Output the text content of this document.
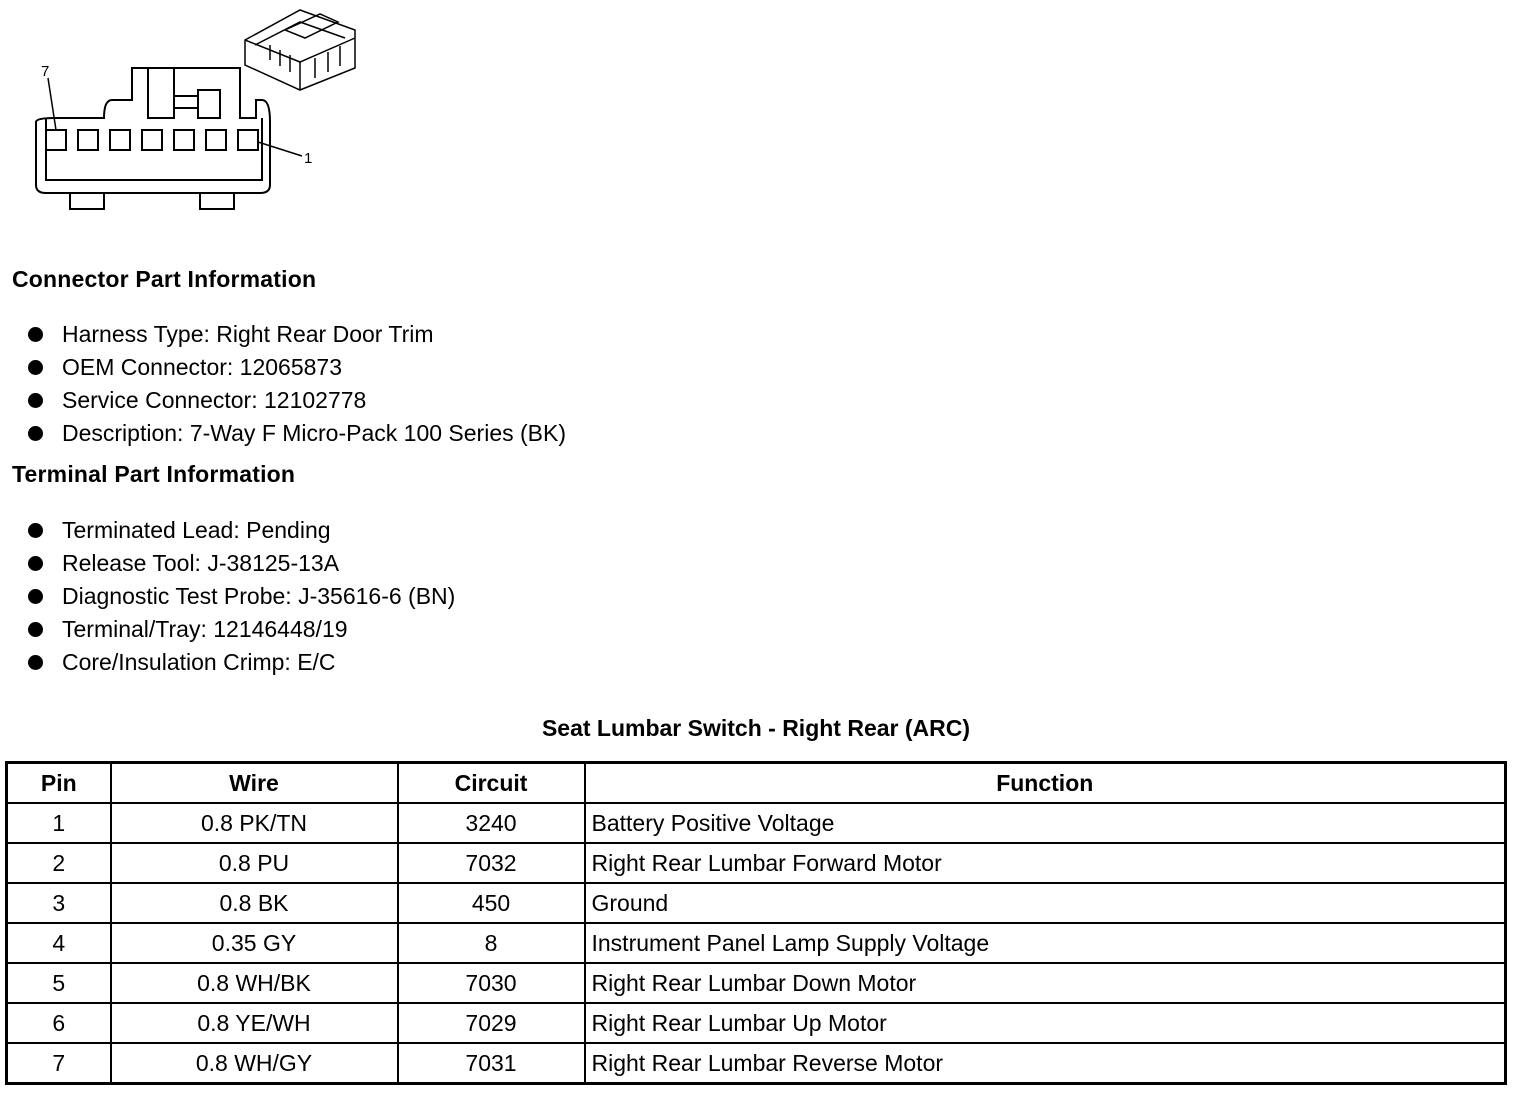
7
1
Connector Part Information
Harness Type: Right Rear Door Trim
OEM Connector: 12065873
Service Connector: 12102778
Description: 7-Way F Micro-Pack 100 Series (BK)
Terminal Part Information
Terminated Lead: Pending
Release Tool: J-38125-13A
Diagnostic Test Probe: J-35616-6 (BN)
Terminal/Tray: 12146448/19
Core/Insulation Crimp: E/C
Seat Lumbar Switch - Right Rear (ARC)
Pin	Wire	Circuit	Function
1	0.8 PK/TN	3240	Battery Positive Voltage
2	0.8 PU	7032	Right Rear Lumbar Forward Motor
3	0.8 BK	450	Ground
4	0.35 GY	8	Instrument Panel Lamp Supply Voltage
5	0.8 WH/BK	7030	Right Rear Lumbar Down Motor
6	0.8 YE/WH	7029	Right Rear Lumbar Up Motor
7	0.8 WH/GY	7031	Right Rear Lumbar Reverse Motor
